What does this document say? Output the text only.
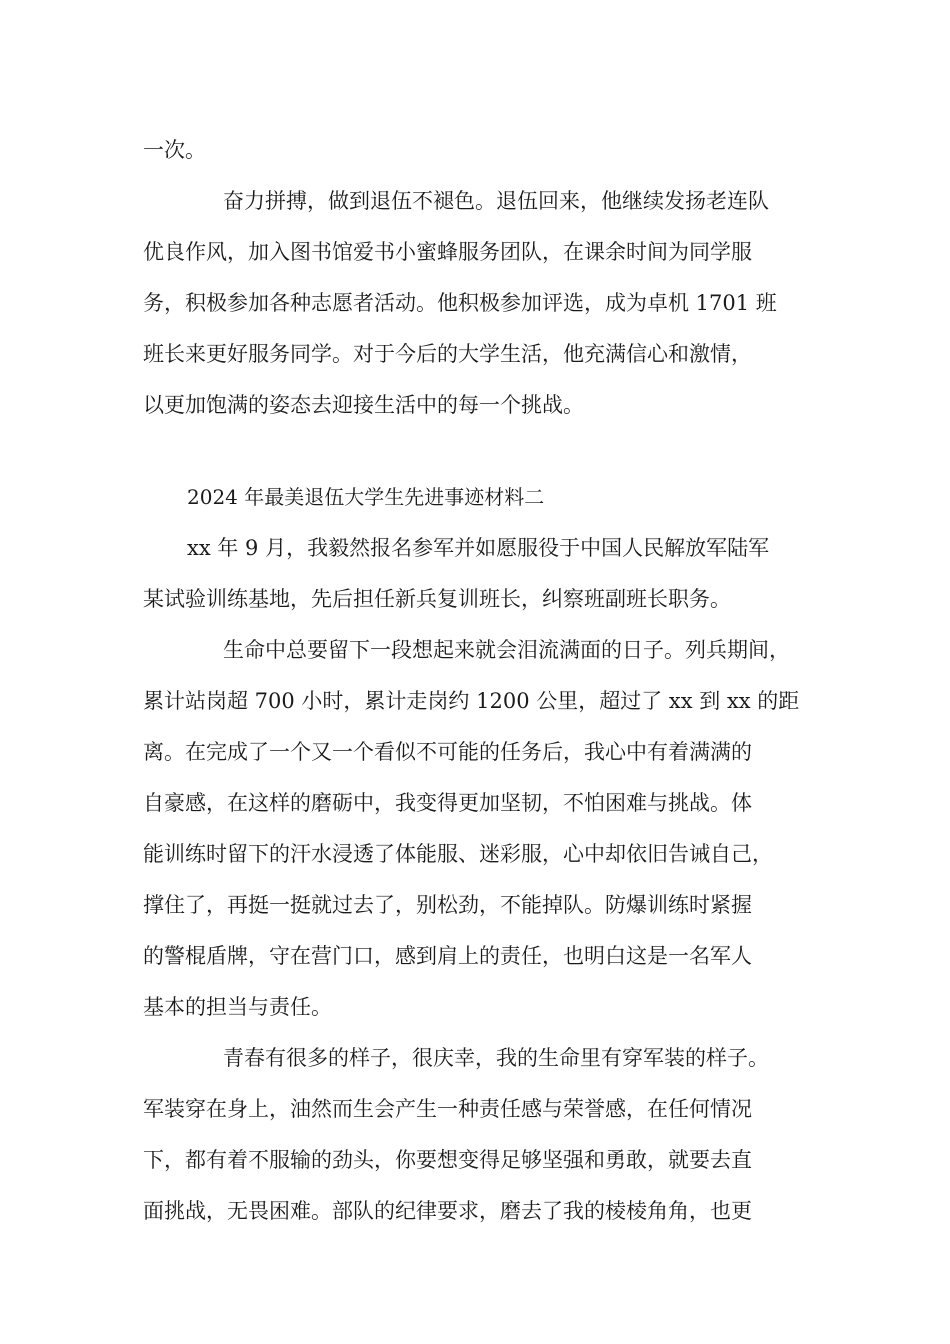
一次。
奋力拼搏，做到退伍不褪色。退伍回来，他继续发扬老连队
优良作风，加入图书馆爱书小蜜蜂服务团队，在课余时间为同学服
务，积极参加各种志愿者活动。他积极参加评选，成为卓机 1701 班
班长来更好服务同学。对于今后的大学生活，他充满信心和激情，
以更加饱满的姿态去迎接生活中的每一个挑战。
2024 年最美退伍大学生先进事迹材料二
xx 年 9 月，我毅然报名参军并如愿服役于中国人民解放军陆军
某试验训练基地，先后担任新兵复训班长，纠察班副班长职务。
生命中总要留下一段想起来就会泪流满面的日子。列兵期间，
累计站岗超 700 小时，累计走岗约 1200 公里，超过了 xx 到 xx 的距
离。在完成了一个又一个看似不可能的任务后，我心中有着满满的
自豪感，在这样的磨砺中，我变得更加坚韧，不怕困难与挑战。体
能训练时留下的汗水浸透了体能服、迷彩服，心中却依旧告诫自己，
撑住了，再挺一挺就过去了，别松劲，不能掉队。防爆训练时紧握
的警棍盾牌，守在营门口，感到肩上的责任，也明白这是一名军人
基本的担当与责任。
青春有很多的样子，很庆幸，我的生命里有穿军装的样子。
军装穿在身上，油然而生会产生一种责任感与荣誉感，在任何情况
下，都有着不服输的劲头，你要想变得足够坚强和勇敢，就要去直
面挑战，无畏困难。部队的纪律要求，磨去了我的棱棱角角，也更
